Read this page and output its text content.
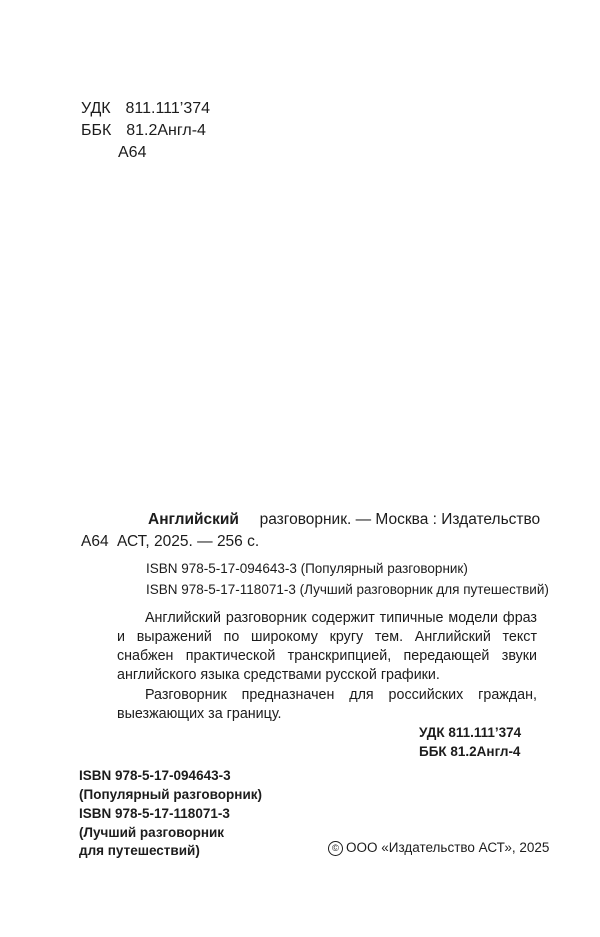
УДК 811.111’374
ББК 81.2Англ-4
А64
Английский разговорник. — Москва : Издательство
А64 АСТ, 2025. — 256 с.
ISBN 978-5-17-094643-3 (Популярный разговорник)
ISBN 978-5-17-118071-3 (Лучший разговорник для путешествий)
Английский разговорник содержит типичные модели фраз и выражений по широкому кругу тем. Английский текст снабжен практической транскрипцией, передающей звуки английского языка средствами русской графики.
Разговорник предназначен для российских граждан, выезжающих за границу.
УДК 811.111’374
ББК 81.2Англ-4
ISBN 978-5-17-094643-3
(Популярный разговорник)
ISBN 978-5-17-118071-3
(Лучший разговорник
для путешествий)	© ООО «Издательство АСТ», 2025
